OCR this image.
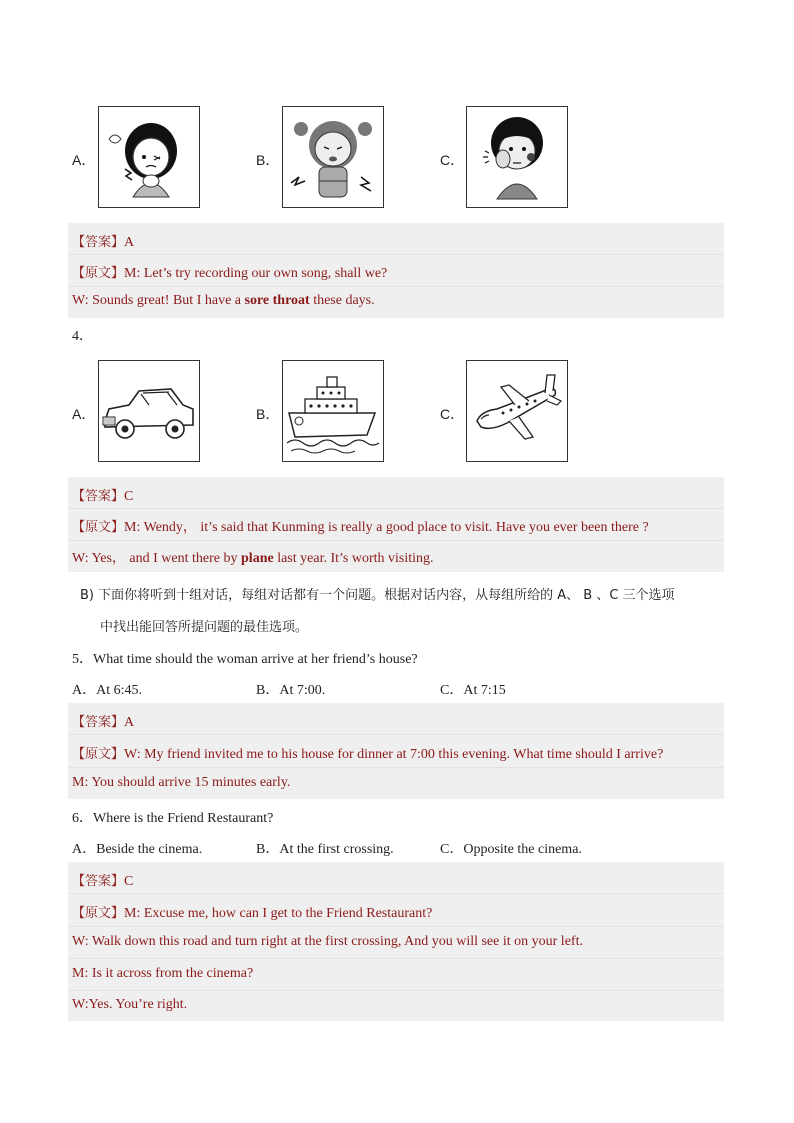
A．	B．	C．
【答案】A
【原文】M: Let’s try recording our own song, shall we?
W: Sounds great! But I have a sore throat these days.
4．
A．	B．	C．
【答案】C
【原文】M: Wendy， it’s said that Kunming is really a good place to visit. Have you ever been there ?
W: Yes， and I went there by plane last year. It’s worth visiting.
B) 下面你将听到十组对话，每组对话都有一个问题。根据对话内容，从每组所给的 A、 B 、C 三个选项
中找出能回答所提问题的最佳选项。
5．What time should the woman arrive at her friend’s house?
A．At 6:45.	B．At 7:00.	C．At 7:15
【答案】A
【原文】W: My friend invited me to his house for dinner at 7:00 this evening. What time should I arrive?
M: You should arrive 15 minutes early.
6．Where is the Friend Restaurant?
A．Beside the cinema.	B．At the first crossing.	C．Opposite the cinema.
【答案】C
【原文】M: Excuse me, how can I get to the Friend Restaurant?
W: Walk down this road and turn right at the first crossing, And you will see it on your left.
M: Is it across from the cinema?
W:Yes. You’re right.
